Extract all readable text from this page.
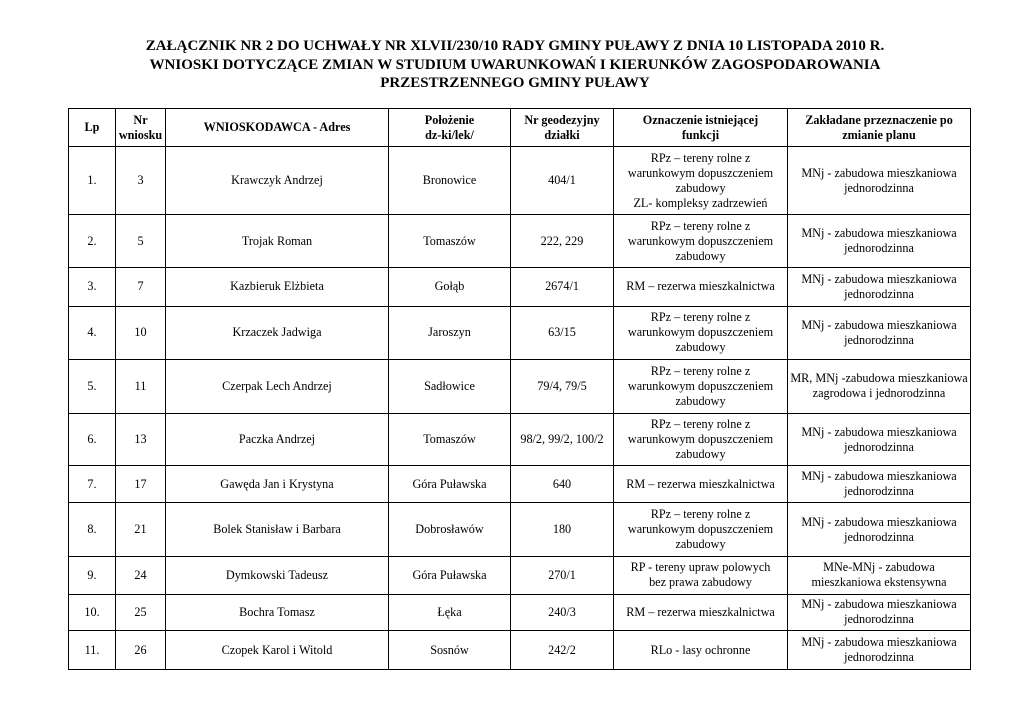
ZAŁĄCZNIK NR 2 DO UCHWAŁY NR XLVII/230/10 RADY GMINY PUŁAWY Z DNIA 10 LISTOPADA 2010 R.
WNIOSKI DOTYCZĄCE ZMIAN W STUDIUM UWARUNKOWAŃ I KIERUNKÓW ZAGOSPODAROWANIA
PRZESTRZENNEGO GMINY PUŁAWY
Lp	Nr
wniosku	WNIOSKODAWCA - Adres	Położenie
dz-ki/lek/	Nr geodezyjny
działki	Oznaczenie istniejącej
funkcji	Zakładane przeznaczenie po
zmianie planu
1.	3	Krawczyk Andrzej	Bronowice	404/1	RPz – tereny rolne z
warunkowym dopuszczeniem
zabudowy
ZL- kompleksy zadrzewień	MNj - zabudowa mieszkaniowa
jednorodzinna
2.	5	Trojak Roman	Tomaszów	222, 229	RPz – tereny rolne z
warunkowym dopuszczeniem
zabudowy	MNj - zabudowa mieszkaniowa
jednorodzinna
3.	7	Kazbieruk Elżbieta	Gołąb	2674/1	RM – rezerwa mieszkalnictwa	MNj - zabudowa mieszkaniowa
jednorodzinna
4.	10	Krzaczek Jadwiga	Jaroszyn	63/15	RPz – tereny rolne z
warunkowym dopuszczeniem
zabudowy	MNj - zabudowa mieszkaniowa
jednorodzinna
5.	11	Czerpak Lech Andrzej	Sadłowice	79/4, 79/5	RPz – tereny rolne z
warunkowym dopuszczeniem
zabudowy	MR, MNj -zabudowa mieszkaniowa
zagrodowa i jednorodzinna
6.	13	Paczka Andrzej	Tomaszów	98/2, 99/2, 100/2	RPz – tereny rolne z
warunkowym dopuszczeniem
zabudowy	MNj - zabudowa mieszkaniowa
jednorodzinna
7.	17	Gawęda Jan i Krystyna	Góra Puławska	640	RM – rezerwa mieszkalnictwa	MNj - zabudowa mieszkaniowa
jednorodzinna
8.	21	Bolek Stanisław i Barbara	Dobrosławów	180	RPz – tereny rolne z
warunkowym dopuszczeniem
zabudowy	MNj - zabudowa mieszkaniowa
jednorodzinna
9.	24	Dymkowski Tadeusz	Góra Puławska	270/1	RP - tereny upraw polowych
bez prawa zabudowy	MNe-MNj - zabudowa
mieszkaniowa ekstensywna
10.	25	Bochra Tomasz	Łęka	240/3	RM – rezerwa mieszkalnictwa	MNj - zabudowa mieszkaniowa
jednorodzinna
11.	26	Czopek Karol i Witold	Sosnów	242/2	RLo - lasy ochronne	MNj - zabudowa mieszkaniowa
jednorodzinna
